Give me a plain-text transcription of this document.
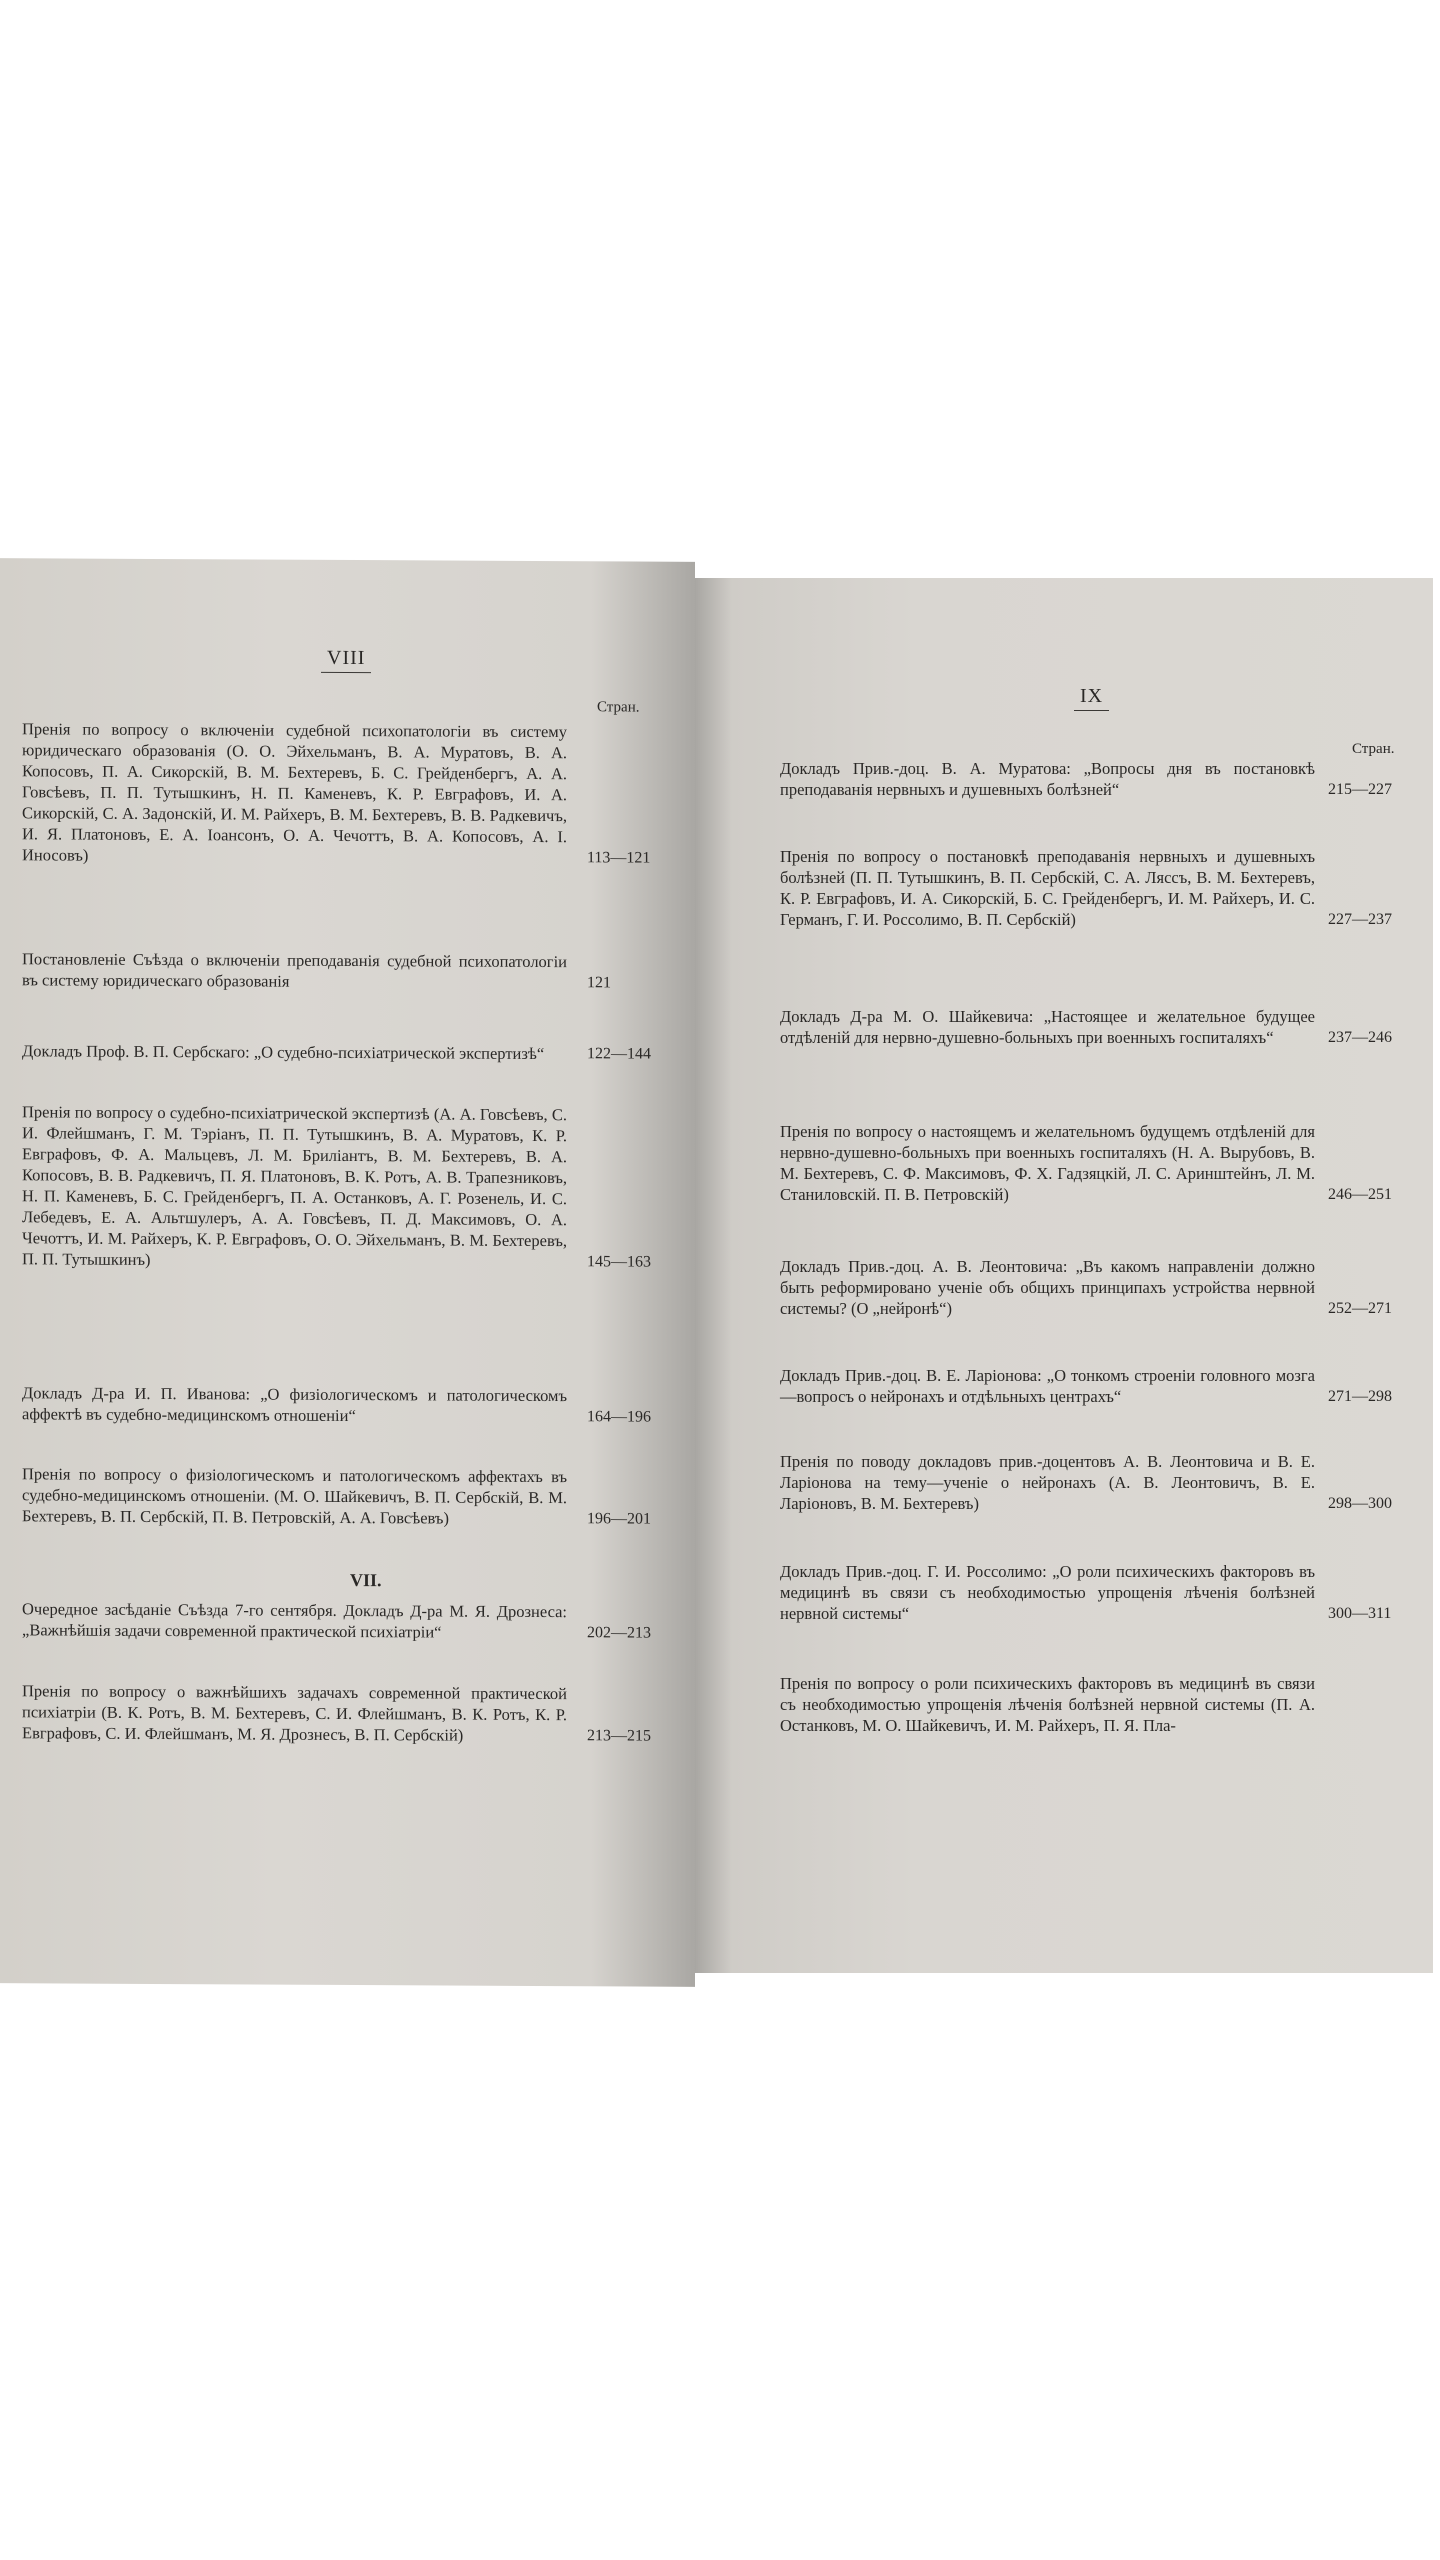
VIII
Стран.
Пренія по вопросу о включеніи судебной психопатологіи въ систему юридическаго образованія (О. О. Эйхельманъ, В. А. Муратовъ, В. А. Копосовъ, П. А. Сикорскій, В. М. Бехтеревъ, Б. С. Грейденбергъ, А. А. Говсѣевъ, П. П. Тутышкинъ, Н. П. Каменевъ, К. Р. Евграфовъ, И. А. Сикорскій, С. А. Задонскій, И. М. Райхеръ, В. М. Бехтеревъ, В. В. Радкевичъ, И. Я. Платоновъ, Е. А. Іоансонъ, О. А. Чечоттъ, В. А. Копосовъ, А. І. Иносовъ)	113—121
Постановленіе Съѣзда о включеніи преподаванія судебной психопатологіи въ систему юридическаго образованія	121
Докладъ Проф. В. П. Сербскаго: „О судебно-психіатрической экспертизѣ“	122—144
Пренія по вопросу о судебно-психіатрической экспертизѣ (А. А. Говсѣевъ, С. И. Флейшманъ, Г. М. Тэріанъ, П. П. Тутышкинъ, В. А. Муратовъ, К. Р. Евграфовъ, Ф. А. Мальцевъ, Л. М. Бриліантъ, В. М. Бехтеревъ, В. А. Копосовъ, В. В. Радкевичъ, П. Я. Платоновъ, В. К. Ротъ, А. В. Трапезниковъ, Н. П. Каменевъ, Б. С. Грейденбергъ, П. А. Останковъ, А. Г. Розенель, И. С. Лебедевъ, Е. А. Альтшулеръ, А. А. Говсѣевъ, П. Д. Максимовъ, О. А. Чечоттъ, И. М. Райхеръ, К. Р. Евграфовъ, О. О. Эйхельманъ, В. М. Бехтеревъ, П. П. Тутышкинъ)	145—163
Докладъ Д-ра И. П. Иванова: „О физіологическомъ и патологическомъ аффектѣ въ судебно-медицинскомъ отношеніи“	164—196
Пренія по вопросу о физіологическомъ и патологическомъ аффектахъ въ судебно-медицинскомъ отношеніи. (М. О. Шайкевичъ, В. П. Сербскій, В. М. Бехтеревъ, В. П. Сербскій, П. В. Петровскій, А. А. Говсѣевъ)	196—201
VII.
Очередное засѣданіе Съѣзда 7-го сентября. Докладъ Д-ра М. Я. Дрознеса: „Важнѣйшія задачи современной практической психіатріи“	202—213
Пренія по вопросу о важнѣйшихъ задачахъ современной практической психіатріи (В. К. Ротъ, В. М. Бехтеревъ, С. И. Флейшманъ, В. К. Ротъ, К. Р. Евграфовъ, С. И. Флейшманъ, М. Я. Дрознесъ, В. П. Сербскій)	213—215
IX
Стран.
Докладъ Прив.-доц. В. А. Муратова: „Вопросы дня въ постановкѣ преподаванія нервныхъ и душевныхъ болѣзней“	215—227
Пренія по вопросу о постановкѣ преподаванія нервныхъ и душевныхъ болѣзней (П. П. Тутышкинъ, В. П. Сербскій, С. А. Ляссъ, В. М. Бехтеревъ, К. Р. Евграфовъ, И. А. Сикорскій, Б. С. Грейденбергъ, И. М. Райхеръ, И. С. Германъ, Г. И. Россолимо, В. П. Сербскій)	227—237
Докладъ Д-ра М. О. Шайкевича: „Настоящее и желательное будущее отдѣленій для нервно-душевно-больныхъ при военныхъ госпиталяхъ“	237—246
Пренія по вопросу о настоящемъ и желательномъ будущемъ отдѣленій для нервно-душевно-больныхъ при военныхъ госпиталяхъ (Н. А. Вырубовъ, В. М. Бехтеревъ, С. Ф. Максимовъ, Ф. Х. Гадзяцкій, Л. С. Аринштейнъ, Л. М. Станиловскій. П. В. Петровскій)	246—251
Докладъ Прив.-доц. А. В. Леонтовича: „Въ какомъ направленіи должно быть реформировано ученіе объ общихъ принципахъ устройства нервной системы? (О „нейронѣ“)	252—271
Докладъ Прив.-доц. В. Е. Ларіонова: „О тонкомъ строеніи головного мозга—вопросъ о нейронахъ и отдѣльныхъ центрахъ“	271—298
Пренія по поводу докладовъ прив.-доцентовъ А. В. Леонтовича и В. Е. Ларіонова на тему—ученіе о нейронахъ (А. В. Леонтовичъ, В. Е. Ларіоновъ, В. М. Бехтеревъ)	298—300
Докладъ Прив.-доц. Г. И. Россолимо: „О роли психическихъ факторовъ въ медицинѣ въ связи съ необходимостью упрощенія лѣченія болѣзней нервной системы“	300—311
Пренія по вопросу о роли психическихъ факторовъ въ медицинѣ въ связи съ необходимостью упрощенія лѣченія болѣзней нервной системы (П. А. Останковъ, М. О. Шайкевичъ, И. М. Райхеръ, П. Я. Пла-
